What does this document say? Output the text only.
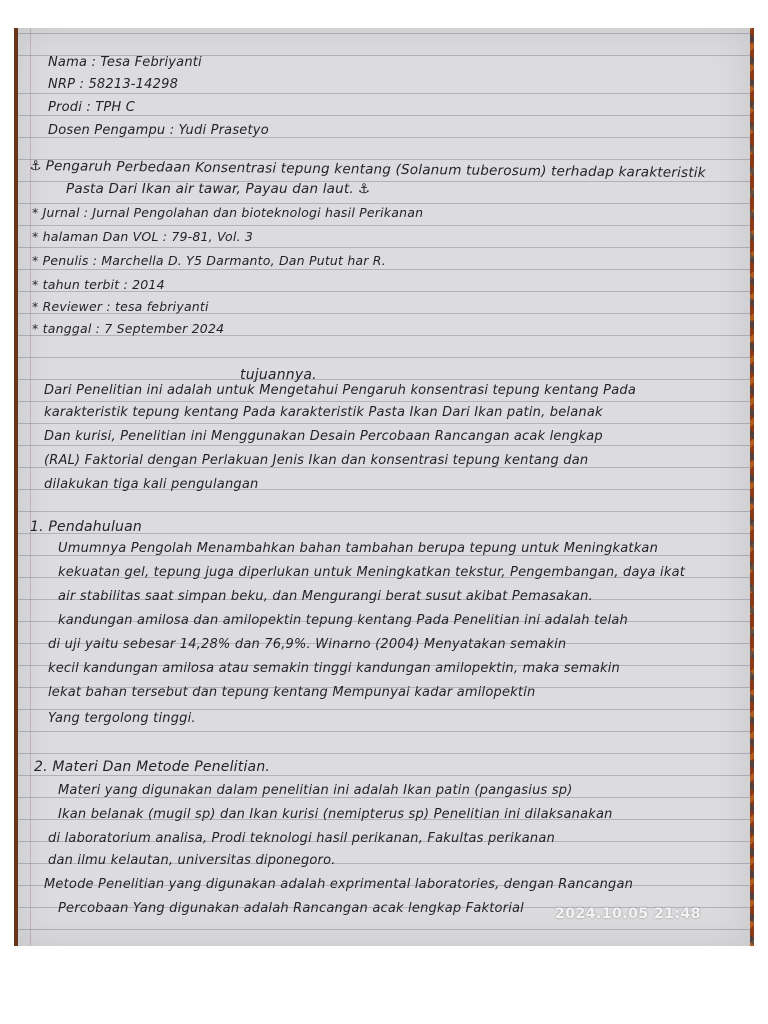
Nama : Tesa Febriyanti

NRP : 58213-14298

Prodi : TPH C

Dosen Pengampu : Yudi Prasetyo

⚓ Pengaruh Perbedaan Konsentrasi tepung kentang (Solanum tuberosum) terhadap karakteristik

Pasta Dari Ikan air tawar, Payau dan laut. ⚓

* Jurnal : Jurnal Pengolahan dan bioteknologi hasil Perikanan

* halaman Dan VOL : 79-81, Vol. 3

* Penulis : Marchella D. Y5 Darmanto, Dan Putut har R.

* tahun terbit : 2014

* Reviewer : tesa febriyanti

* tanggal : 7 September 2024

tujuannya.

Dari Penelitian ini adalah untuk Mengetahui Pengaruh konsentrasi tepung kentang Pada

karakteristik tepung kentang Pada karakteristik Pasta Ikan Dari Ikan patin, belanak

Dan kurisi, Penelitian ini Menggunakan Desain Percobaan Rancangan acak lengkap

(RAL) Faktorial dengan Perlakuan Jenis Ikan dan konsentrasi tepung kentang dan

dilakukan tiga kali pengulangan

1. Pendahuluan

Umumnya Pengolah Menambahkan bahan tambahan berupa tepung untuk Meningkatkan

kekuatan gel, tepung juga diperlukan untuk Meningkatkan tekstur, Pengembangan, daya ikat

air stabilitas saat simpan beku, dan Mengurangi berat susut akibat Pemasakan.

kandungan amilosa dan amilopektin tepung kentang Pada Penelitian ini adalah telah

di uji yaitu sebesar 14,28% dan 76,9%. Winarno (2004) Menyatakan semakin

kecil kandungan amilosa atau semakin tinggi kandungan amilopektin, maka semakin

lekat bahan tersebut dan tepung kentang Mempunyai kadar amilopektin

Yang tergolong tinggi.

2. Materi Dan Metode Penelitian.

Materi yang digunakan dalam penelitian ini adalah Ikan patin (pangasius sp)

Ikan belanak (mugil sp) dan Ikan kurisi (nemipterus sp) Penelitian ini dilaksanakan

di laboratorium analisa, Prodi teknologi hasil perikanan, Fakultas perikanan

dan ilmu kelautan, universitas diponegoro.

Metode Penelitian yang digunakan adalah exprimental laboratories, dengan Rancangan

Percobaan Yang digunakan adalah Rancangan acak lengkap Faktorial 2024.10.05 21:48
